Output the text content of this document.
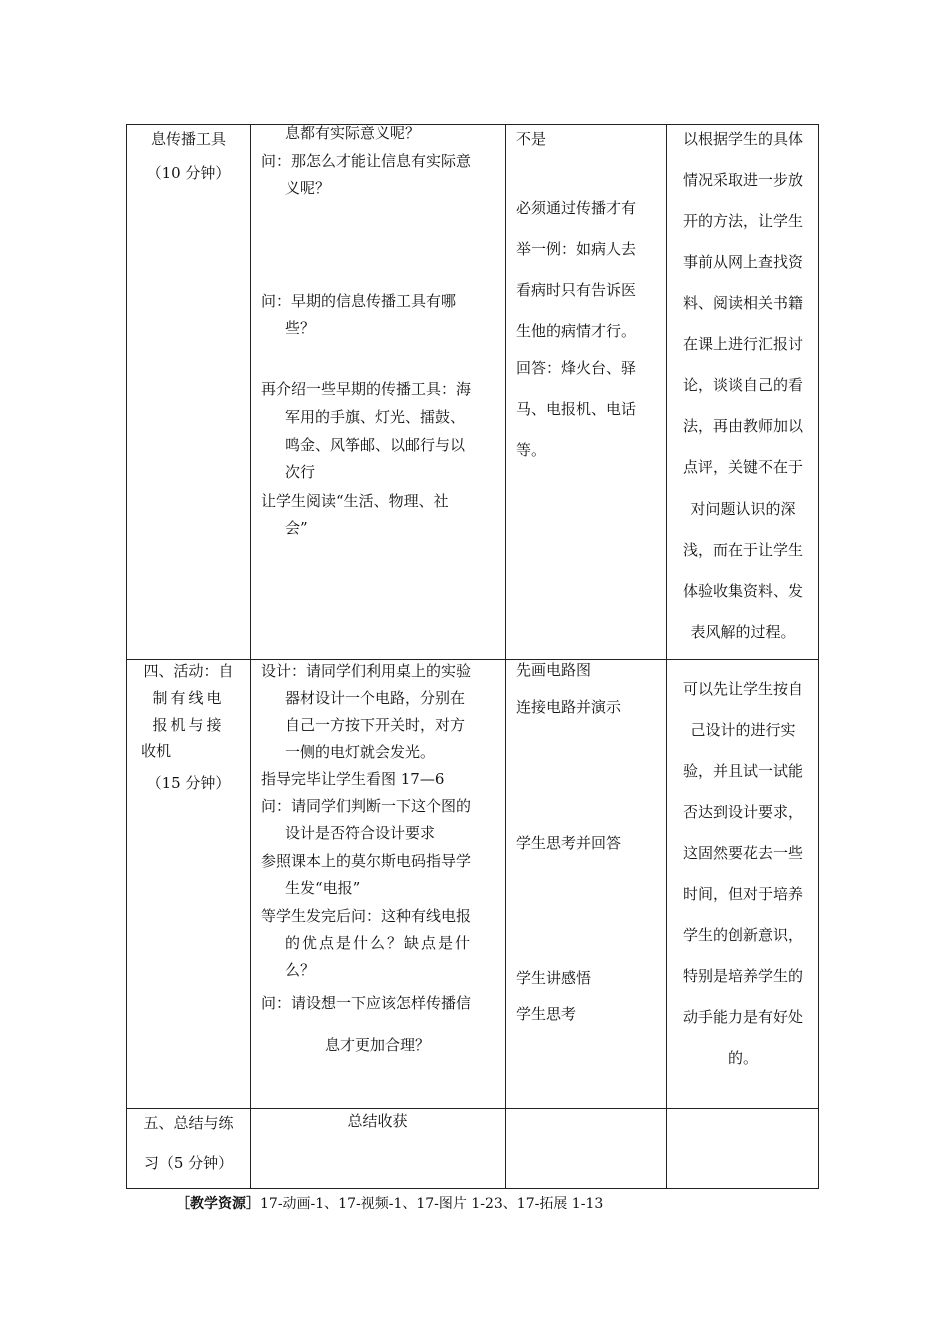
息传播工具
（10 分钟）
息都有实际意义呢？
问：那怎么才能让信息有实际意
义呢？
问：早期的信息传播工具有哪
些？
再介绍一些早期的传播工具：海
军用的手旗、灯光、擂鼓、
鸣金、风筝邮、以邮行与以
次行
让学生阅读“生活、物理、社
会”
不是
必须通过传播才有
举一例：如病人去
看病时只有告诉医
生他的病情才行。
回答：烽火台、驿
马、电报机、电话
等。
以根据学生的具体
情况采取进一步放
开的方法，让学生
事前从网上查找资
料、阅读相关书籍
在课上进行汇报讨
论，谈谈自己的看
法，再由教师加以
点评，关键不在于
对问题认识的深
浅，而在于让学生
体验收集资料、发
表风解的过程。
四、活动：自
制有线电
报机与接
收机
（15 分钟）
设计：请同学们利用桌上的实验
器材设计一个电路，分别在
自己一方按下开关时，对方
一侧的电灯就会发光。
指导完毕让学生看图 17—6
问：请同学们判断一下这个图的
设计是否符合设计要求
参照课本上的莫尔斯电码指导学
生发“电报”
等学生发完后问：这种有线电报
的优点是什么？缺点是什
么？
问：请设想一下应该怎样传播信
息才更加合理？
先画电路图
连接电路并演示
学生思考并回答
学生讲感悟
学生思考
可以先让学生按自
己设计的进行实
验，并且试一试能
否达到设计要求，
这固然要花去一些
时间，但对于培养
学生的创新意识，
特别是培养学生的
动手能力是有好处
的。
五、总结与练
习（5 分钟）
总结收获
［教学资源］17-动画-1、17-视频-1、17-图片 1-23、17-拓展 1-13
